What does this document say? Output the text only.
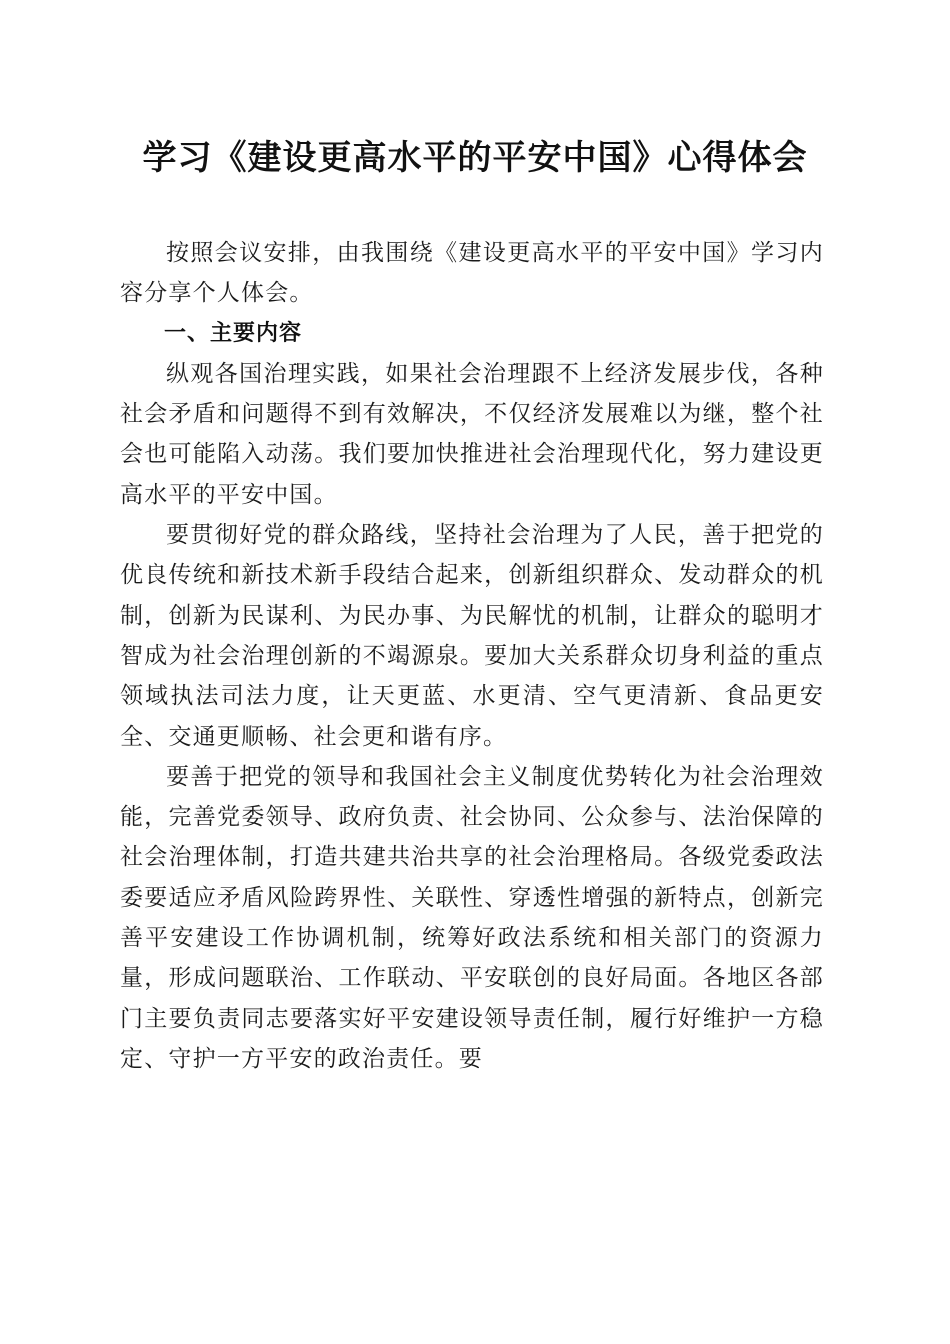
学习《建设更高水平的平安中国》心得体会

按照会议安排，由我围绕《建设更高水平的平安中国》学习内容分享个人体会。

一、主要内容

纵观各国治理实践，如果社会治理跟不上经济发展步伐，各种社会矛盾和问题得不到有效解决，不仅经济发展难以为继，整个社会也可能陷入动荡。我们要加快推进社会治理现代化，努力建设更高水平的平安中国。

要贯彻好党的群众路线，坚持社会治理为了人民，善于把党的优良传统和新技术新手段结合起来，创新组织群众、发动群众的机制，创新为民谋利、为民办事、为民解忧的机制，让群众的聪明才智成为社会治理创新的不竭源泉。要加大关系群众切身利益的重点领域执法司法力度，让天更蓝、水更清、空气更清新、食品更安全、交通更顺畅、社会更和谐有序。

要善于把党的领导和我国社会主义制度优势转化为社会治理效能，完善党委领导、政府负责、社会协同、公众参与、法治保障的社会治理体制，打造共建共治共享的社会治理格局。各级党委政法委要适应矛盾风险跨界性、关联性、穿透性增强的新特点，创新完善平安建设工作协调机制，统筹好政法系统和相关部门的资源力量，形成问题联治、工作联动、平安联创的良好局面。各地区各部门主要负责同志要落实好平安建设领导责任制，履行好维护一方稳定、守护一方平安的政治责任。要
